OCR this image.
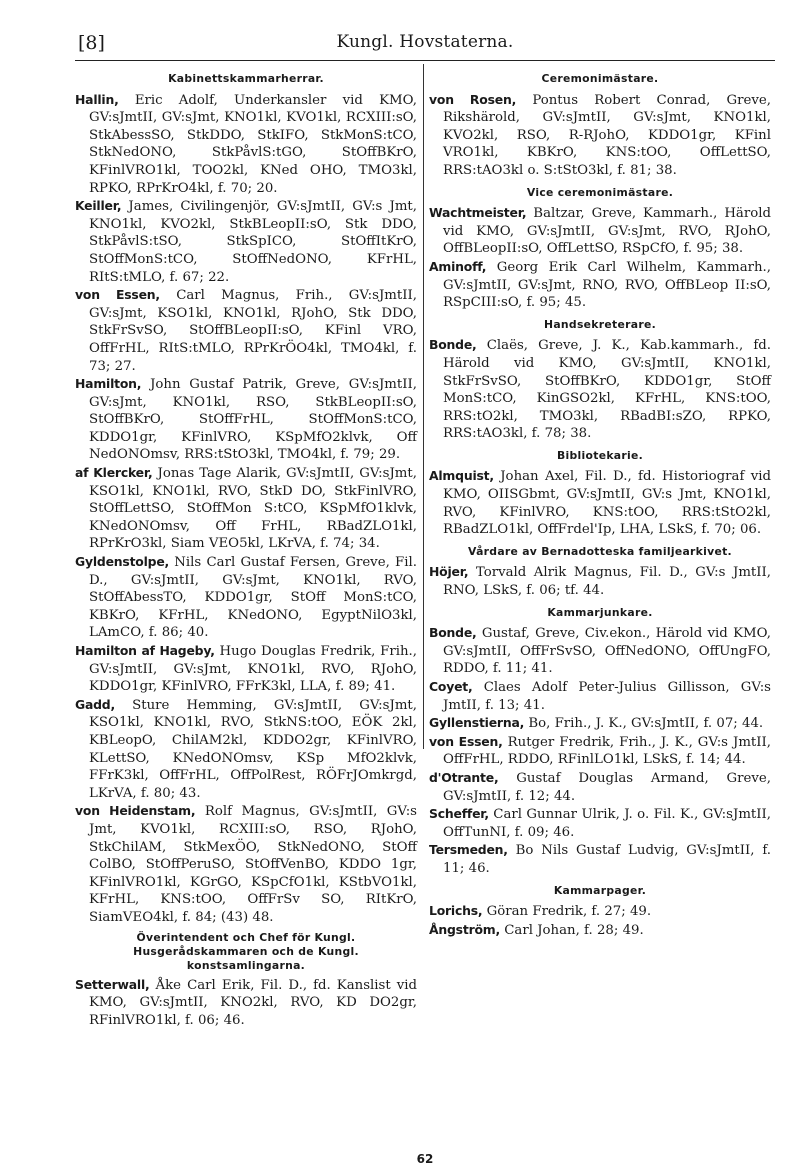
[8]	Kungl. Hovstaterna.
Kabinettskammarherrar.

Hallin, Eric Adolf, Underkansler vid KMO, GV:sJmtII, GV:sJmt, KNO1kl, KVO1kl, RCXIII:sO, StkAbessSO, StkDDO, StkIFO, StkMonS:tCO, StkNedONO, StkPåvlS:tGO, StOffBKrO, KFinlVRO1kl, TOO2kl, KNed OHO, TMO3kl, RPKO, RPrKrO4kl, f. 70; 20.

Keiller, James, Civilingenjör, GV:sJmtII, GV:s Jmt, KNO1kl, KVO2kl, StkBLeopII:sO, Stk DDO, StkPåvlS:tSO, StkSpICO, StOffItKrO, StOffMonS:tCO, StOffNedONO, KFrHL, RItS:tMLO, f. 67; 22.

von Essen, Carl Magnus, Frih., GV:sJmtII, GV:sJmt, KSO1kl, KNO1kl, RJohO, Stk DDO, StkFrSvSO, StOffBLeopII:sO, KFinl VRO, OffFrHL, RItS:tMLO, RPrKrÖO4kl, TMO4kl, f. 73; 27.

Hamilton, John Gustaf Patrik, Greve, GV:sJmtII, GV:sJmt, KNO1kl, RSO, StkBLeopII:sO, StOffBKrO, StOffFrHL, StOffMonS:tCO, KDDO1gr, KFinlVRO, KSpMfO2klvk, Off NedONOmsv, RRS:tStO3kl, TMO4kl, f. 79; 29.

af Klercker, Jonas Tage Alarik, GV:sJmtII, GV:sJmt, KSO1kl, KNO1kl, RVO, StkD DO, StkFinlVRO, StOffLettSO, StOffMon S:tCO, KSpMfO1klvk, KNedONOmsv, Off FrHL, RBadZLO1kl, RPrKrO3kl, Siam VEO5kl, LKrVA, f. 74; 34.

Gyldenstolpe, Nils Carl Gustaf Fersen, Greve, Fil. D., GV:sJmtII, GV:sJmt, KNO1kl, RVO, StOffAbessTO, KDDO1gr, StOff MonS:tCO, KBKrO, KFrHL, KNedONO, EgyptNilO3kl, LAmCO, f. 86; 40.

Hamilton af Hageby, Hugo Douglas Fredrik, Frih., GV:sJmtII, GV:sJmt, KNO1kl, RVO, RJohO, KDDO1gr, KFinlVRO, FFrK3kl, LLA, f. 89; 41.

Gadd, Sture Hemming, GV:sJmtII, GV:sJmt, KSO1kl, KNO1kl, RVO, StkNS:tOO, EÖK 2kl, KBLeopO, ChilAM2kl, KDDO2gr, KFinlVRO, KLettSO, KNedONOmsv, KSp MfO2klvk, FFrK3kl, OffFrHL, OffPolRest, RÖFrJOmkrgd, LKrVA, f. 80; 43.

von Heidenstam, Rolf Magnus, GV:sJmtII, GV:s Jmt, KVO1kl, RCXIII:sO, RSO, RJohO, StkChilAM, StkMexÖO, StkNedONO, StOff ColBO, StOffPeruSO, StOffVenBO, KDDO 1gr, KFinlVRO1kl, KGrGO, KSpCfO1kl, KStbVO1kl, KFrHL, KNS:tOO, OffFrSv SO, RItKrO, SiamVEO4kl, f. 84; (43) 48.

Överintendent och Chef för Kungl. Husgerådskammaren och de Kungl. konstsamlingarna.

Setterwall, Åke Carl Erik, Fil. D., fd. Kanslist vid KMO, GV:sJmtII, KNO2kl, RVO, KD DO2gr, RFinlVRO1kl, f. 06; 46.

Ceremonimästare.

von Rosen, Pontus Robert Conrad, Greve, Rikshärold, GV:sJmtII, GV:sJmt, KNO1kl, KVO2kl, RSO, R-RJohO, KDDO1gr, KFinl VRO1kl, KBKrO, KNS:tOO, OffLettSO, RRS:tAO3kl o. S:tStO3kl, f. 81; 38.

Vice ceremonimästare.

Wachtmeister, Baltzar, Greve, Kammarh., Härold vid KMO, GV:sJmtII, GV:sJmt, RVO, RJohO, OffBLeopII:sO, OffLettSO, RSpCfO, f. 95; 38.

Aminoff, Georg Erik Carl Wilhelm, Kammarh., GV:sJmtII, GV:sJmt, RNO, RVO, OffBLeop II:sO, RSpCIII:sO, f. 95; 45.

Handsekreterare.

Bonde, Claës, Greve, J. K., Kab.kammarh., fd. Härold vid KMO, GV:sJmtII, KNO1kl, StkFrSvSO, StOffBKrO, KDDO1gr, StOff MonS:tCO, KinGSO2kl, KFrHL, KNS:tOO, RRS:tO2kl, TMO3kl, RBadBI:sZO, RPKO, RRS:tAO3kl, f. 78; 38.

Bibliotekarie.

Almquist, Johan Axel, Fil. D., fd. Historiograf vid KMO, OIISGbmt, GV:sJmtII, GV:s Jmt, KNO1kl, RVO, KFinlVRO, KNS:tOO, RRS:tStO2kl, RBadZLO1kl, OffFrdel'Ip, LHA, LSkS, f. 70; 06.

Vårdare av Bernadotteska familjearkivet.

Höjer, Torvald Alrik Magnus, Fil. D., GV:s JmtII, RNO, LSkS, f. 06; tf. 44.

Kammarjunkare.

Bonde, Gustaf, Greve, Civ.ekon., Härold vid KMO, GV:sJmtII, OffFrSvSO, OffNedONO, OffUngFO, RDDO, f. 11; 41.

Coyet, Claes Adolf Peter-Julius Gillisson, GV:s JmtII, f. 13; 41.

Gyllenstierna, Bo, Frih., J. K., GV:sJmtII, f. 07; 44.

von Essen, Rutger Fredrik, Frih., J. K., GV:s JmtII, OffFrHL, RDDO, RFinlLO1kl, LSkS, f. 14; 44.

d'Otrante, Gustaf Douglas Armand, Greve, GV:sJmtII, f. 12; 44.

Scheffer, Carl Gunnar Ulrik, J. o. Fil. K., GV:sJmtII, OffTunNI, f. 09; 46.

Tersmeden, Bo Nils Gustaf Ludvig, GV:sJmtII, f. 11; 46.

Kammarpager.

Lorichs, Göran Fredrik, f. 27; 49.

Ångström, Carl Johan, f. 28; 49.

62
